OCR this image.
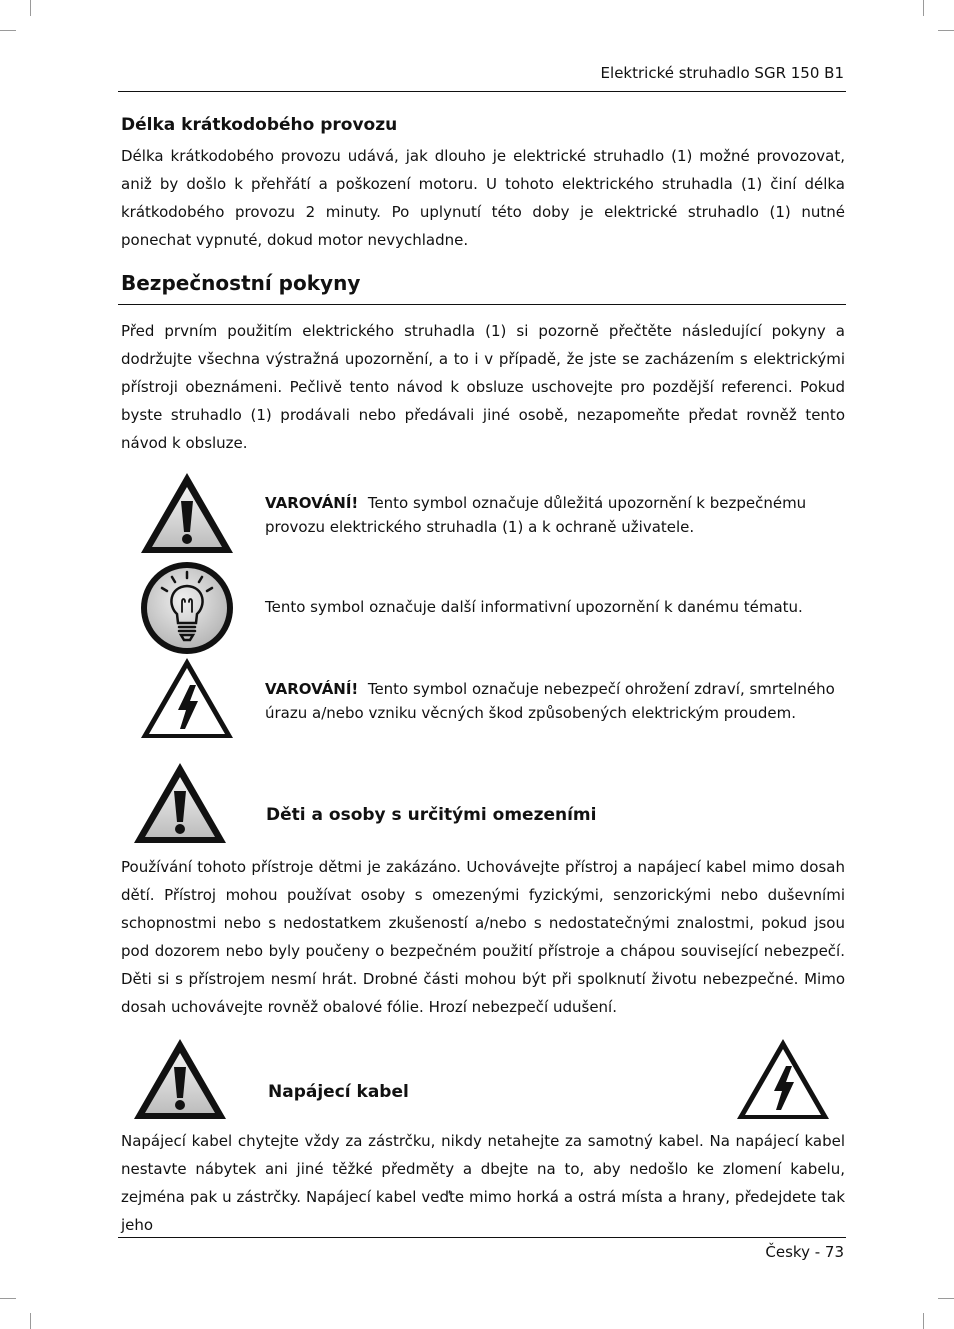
Elektrické struhadlo SGR 150 B1
Délka krátkodobého provozu
Délka krátkodobého provozu udává, jak dlouho je elektrické struhadlo (1) možné provozovat, aniž by došlo k přehřátí a poškození motoru. U tohoto elektrického struhadla (1) činí délka krátkodobého provozu 2 minuty. Po uplynutí této doby je elektrické struhadlo (1) nutné ponechat vypnuté, dokud motor nevychladne.
Bezpečnostní pokyny
Před prvním použitím elektrického struhadla (1) si pozorně přečtěte následující pokyny a dodržujte všechna výstražná upozornění, a to i v případě, že jste se zacházením s elektrickými přístroji obeznámeni. Pečlivě tento návod k obsluze uschovejte pro pozdější referenci. Pokud byste struhadlo (1) prodávali nebo předávali jiné osobě, nezapomeňte předat rovněž tento návod k obsluze.
VAROVÁNÍ! Tento symbol označuje důležitá upozornění k bezpečnému provozu elektrického struhadla (1) a k ochraně uživatele.
Tento symbol označuje další informativní upozornění k danému tématu.
VAROVÁNÍ! Tento symbol označuje nebezpečí ohrožení zdraví, smrtelného úrazu a/nebo vzniku věcných škod způsobených elektrickým proudem.
Děti a osoby s určitými omezeními
Používání tohoto přístroje dětmi je zakázáno. Uchovávejte přístroj a napájecí kabel mimo dosah dětí. Přístroj mohou používat osoby s omezenými fyzickými, senzorickými nebo duševními schopnostmi nebo s nedostatkem zkušeností a/nebo s nedostatečnými znalostmi, pokud jsou pod dozorem nebo byly poučeny o bezpečném použití přístroje a chápou související nebezpečí. Děti si s přístrojem nesmí hrát. Drobné části mohou být při spolknutí životu nebezpečné. Mimo dosah uchovávejte rovněž obalové fólie. Hrozí nebezpečí udušení.
Napájecí kabel
Napájecí kabel chytejte vždy za zástrčku, nikdy netahejte za samotný kabel. Na napájecí kabel nestavte nábytek ani jiné těžké předměty a dbejte na to, aby nedošlo ke zlomení kabelu, zejména pak u zástrčky. Napájecí kabel veďte mimo horká a ostrá místa a hrany, předejdete tak jeho
Česky - 73
